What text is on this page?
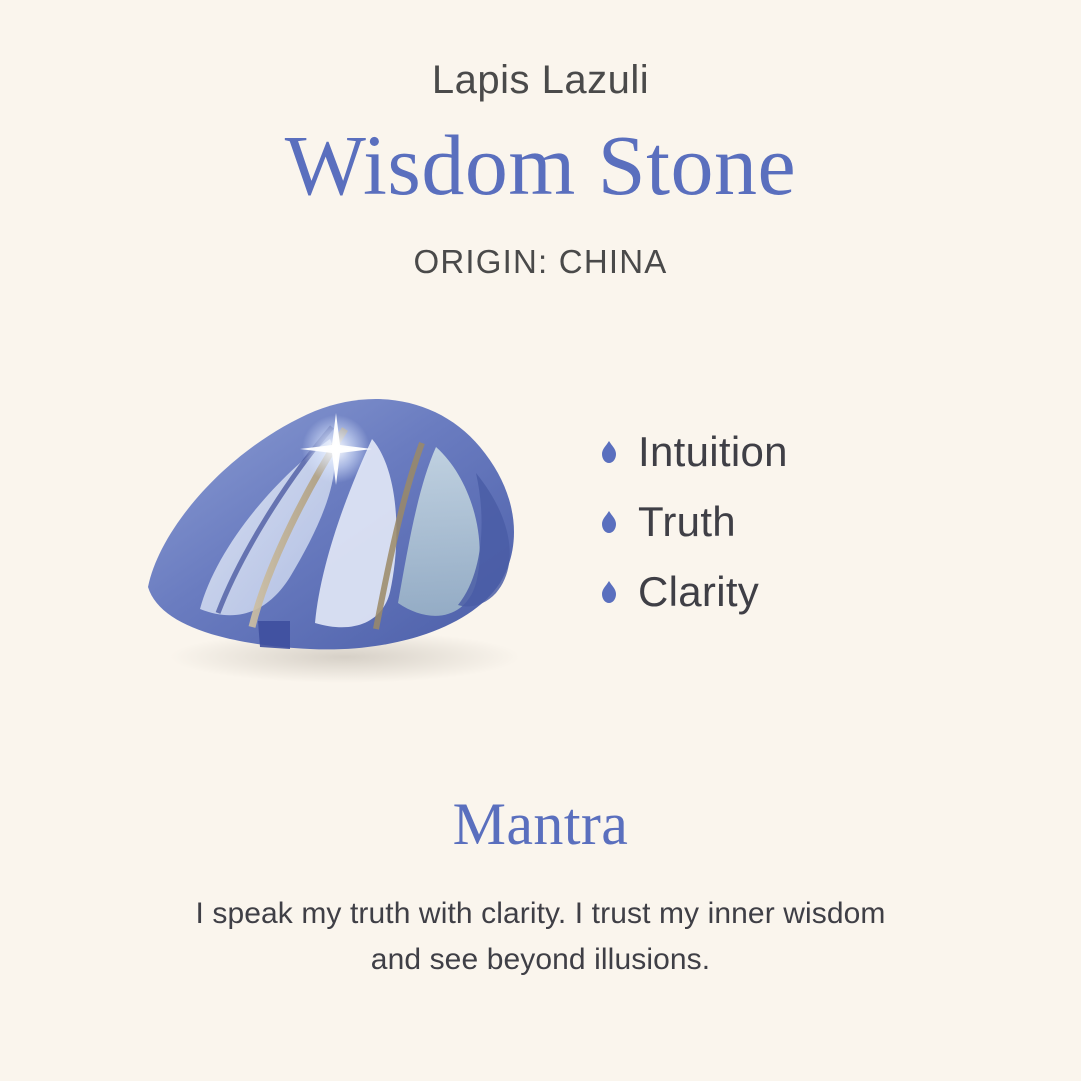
Lapis Lazuli
Wisdom Stone
ORIGIN: CHINA
Intuition
Truth
Clarity
Mantra
I speak my truth with clarity. I trust my inner wisdom
and see beyond illusions.
